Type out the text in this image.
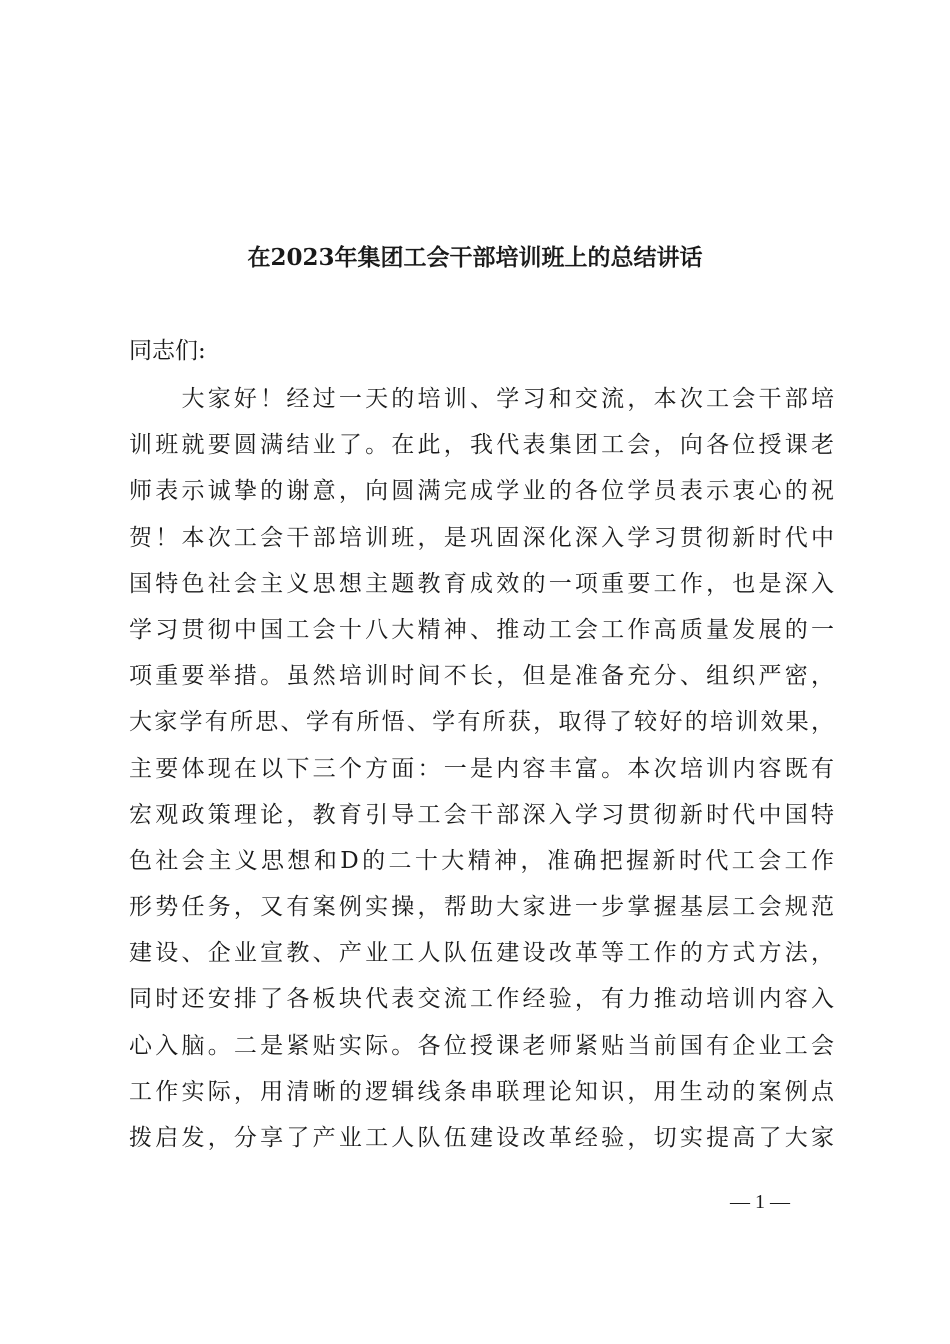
在2023年集团工会干部培训班上的总结讲话
同志们:
　　大家好！经过一天的培训、学习和交流，本次工会干部培
训班就要圆满结业了。在此，我代表集团工会，向各位授课老
师表示诚挚的谢意，向圆满完成学业的各位学员表示衷心的祝
贺！本次工会干部培训班，是巩固深化深入学习贯彻新时代中
国特色社会主义思想主题教育成效的一项重要工作，也是深入
学习贯彻中国工会十八大精神、推动工会工作高质量发展的一
项重要举措。虽然培训时间不长，但是准备充分、组织严密，
大家学有所思、学有所悟、学有所获，取得了较好的培训效果，
主要体现在以下三个方面：一是内容丰富。本次培训内容既有
宏观政策理论，教育引导工会干部深入学习贯彻新时代中国特
色社会主义思想和D的二十大精神，准确把握新时代工会工作
形势任务，又有案例实操，帮助大家进一步掌握基层工会规范
建设、企业宣教、产业工人队伍建设改革等工作的方式方法，
同时还安排了各板块代表交流工作经验，有力推动培训内容入
心入脑。二是紧贴实际。各位授课老师紧贴当前国有企业工会
工作实际，用清晰的逻辑线条串联理论知识，用生动的案例点
拨启发，分享了产业工人队伍建设改革经验，切实提高了大家
— 1 —
